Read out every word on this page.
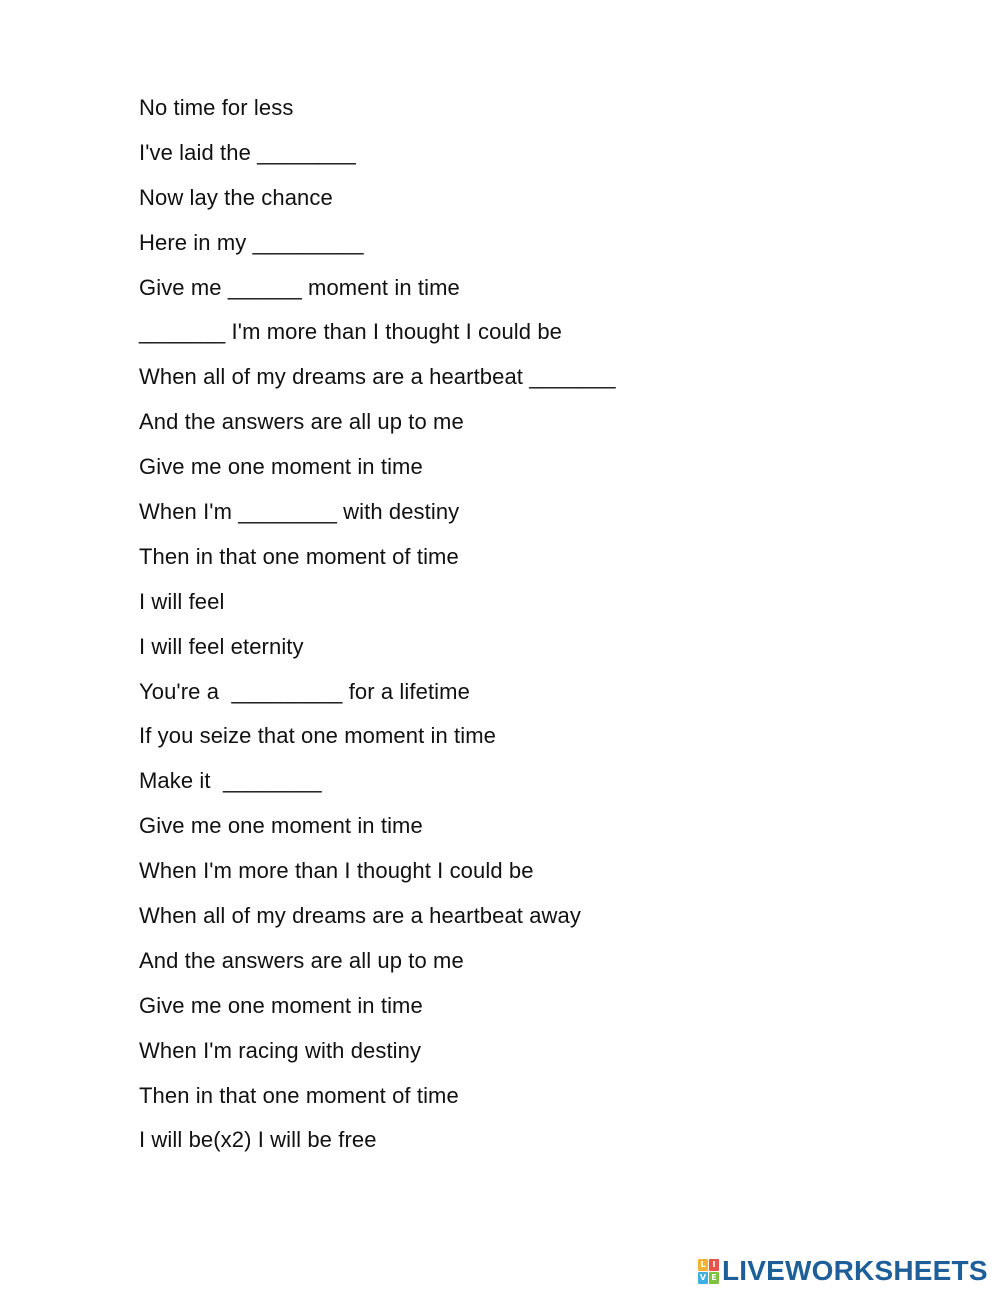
No time for less
I've laid the ________
Now lay the chance
Here in my _________
Give me ______ moment in time
_______ I'm more than I thought I could be
When all of my dreams are a heartbeat _______
And the answers are all up to me
Give me one moment in time
When I'm ________ with destiny
Then in that one moment of time
I will feel
I will feel eternity
You're a  _________ for a lifetime
If you seize that one moment in time
Make it  ________
Give me one moment in time
When I'm more than I thought I could be
When all of my dreams are a heartbeat away
And the answers are all up to me
Give me one moment in time
When I'm racing with destiny
Then in that one moment of time
I will be(x2) I will be free
L I
V E LIVEWORKSHEETS
